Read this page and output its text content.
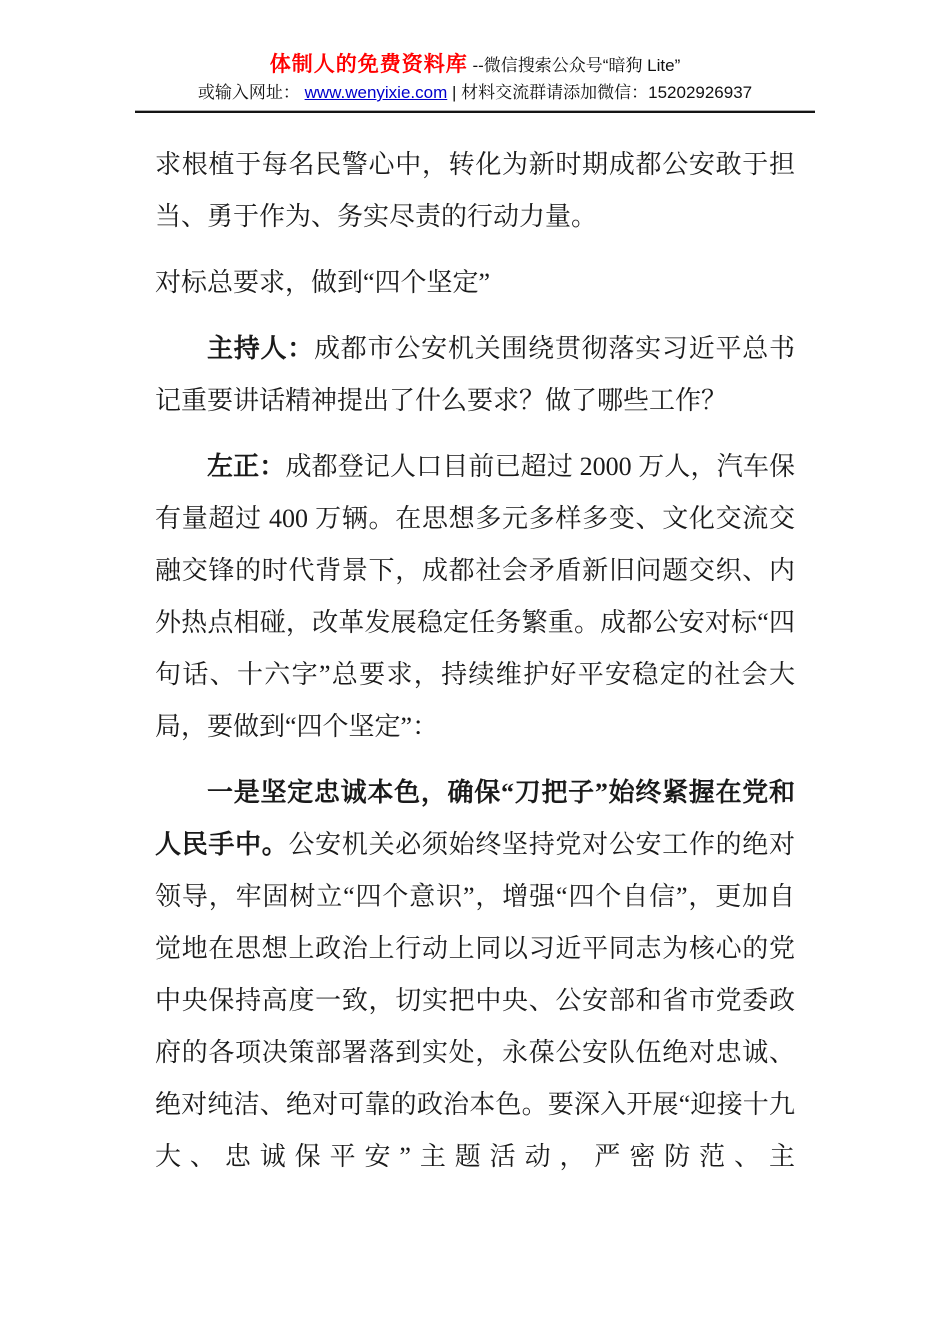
体制人的免费资料库 --微信搜索公众号“暗狗 Lite”
或输入网址： www.wenyixie.com | 材料交流群请添加微信：15202926937

求根植于每名民警心中，转化为新时期成都公安敢于担当、勇于作为、务实尽责的行动力量。

对标总要求，做到“四个坚定”

主持人：成都市公安机关围绕贯彻落实习近平总书记重要讲话精神提出了什么要求？做了哪些工作？

左正：成都登记人口目前已超过 2000 万人，汽车保有量超过 400 万辆。在思想多元多样多变、文化交流交融交锋的时代背景下，成都社会矛盾新旧问题交织、内外热点相碰，改革发展稳定任务繁重。成都公安对标“四句话、十六字”总要求，持续维护好平安稳定的社会大局，要做到“四个坚定”：

一是坚定忠诚本色，确保“刀把子”始终紧握在党和人民手中。公安机关必须始终坚持党对公安工作的绝对领导，牢固树立“四个意识”，增强“四个自信”，更加自觉地在思想上政治上行动上同以习近平同志为核心的党中央保持高度一致，切实把中央、公安部和省市党委政府的各项决策部署落到实处，永葆公安队伍绝对忠诚、绝对纯洁、绝对可靠的政治本色。要深入开展“迎接十九大、忠诚保平安”主题活动，严密防范、主
